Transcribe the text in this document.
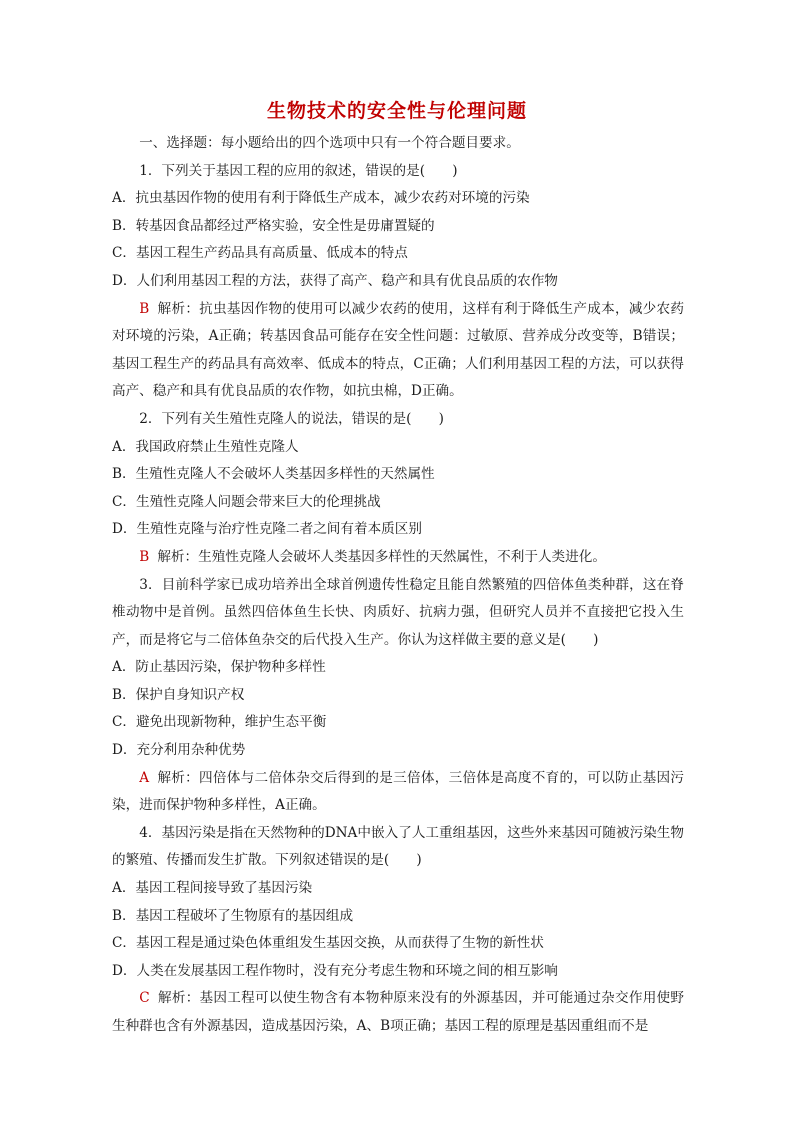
生物技术的安全性与伦理问题

一、选择题：每小题给出的四个选项中只有一个符合题目要求。

1．下列关于基因工程的应用的叙述，错误的是(　　)

A．抗虫基因作物的使用有利于降低生产成本，减少农药对环境的污染

B．转基因食品都经过严格实验，安全性是毋庸置疑的

C．基因工程生产药品具有高质量、低成本的特点

D．人们利用基因工程的方法，获得了高产、稳产和具有优良品质的农作物

B 解析：抗虫基因作物的使用可以减少农药的使用，这样有利于降低生产成本，减少农药对环境的污染，A正确；转基因食品可能存在安全性问题：过敏原、营养成分改变等，B错误；基因工程生产的药品具有高效率、低成本的特点，C正确；人们利用基因工程的方法，可以获得高产、稳产和具有优良品质的农作物，如抗虫棉，D正确。

2．下列有关生殖性克隆人的说法，错误的是(　　)

A．我国政府禁止生殖性克隆人

B．生殖性克隆人不会破坏人类基因多样性的天然属性

C．生殖性克隆人问题会带来巨大的伦理挑战

D．生殖性克隆与治疗性克隆二者之间有着本质区别

B 解析：生殖性克隆人会破坏人类基因多样性的天然属性，不利于人类进化。

3．目前科学家已成功培养出全球首例遗传性稳定且能自然繁殖的四倍体鱼类种群，这在脊椎动物中是首例。虽然四倍体鱼生长快、肉质好、抗病力强，但研究人员并不直接把它投入生产，而是将它与二倍体鱼杂交的后代投入生产。你认为这样做主要的意义是(　　)

A．防止基因污染，保护物种多样性

B．保护自身知识产权

C．避免出现新物种，维护生态平衡

D．充分利用杂种优势

A 解析：四倍体与二倍体杂交后得到的是三倍体，三倍体是高度不育的，可以防止基因污染，进而保护物种多样性，A正确。

4．基因污染是指在天然物种的DNA中嵌入了人工重组基因，这些外来基因可随被污染生物的繁殖、传播而发生扩散。下列叙述错误的是(　　)

A．基因工程间接导致了基因污染

B．基因工程破坏了生物原有的基因组成

C．基因工程是通过染色体重组发生基因交换，从而获得了生物的新性状

D．人类在发展基因工程作物时，没有充分考虑生物和环境之间的相互影响

C 解析：基因工程可以使生物含有本物种原来没有的外源基因，并可能通过杂交作用使野生种群也含有外源基因，造成基因污染，A、B项正确；基因工程的原理是基因重组而不是
